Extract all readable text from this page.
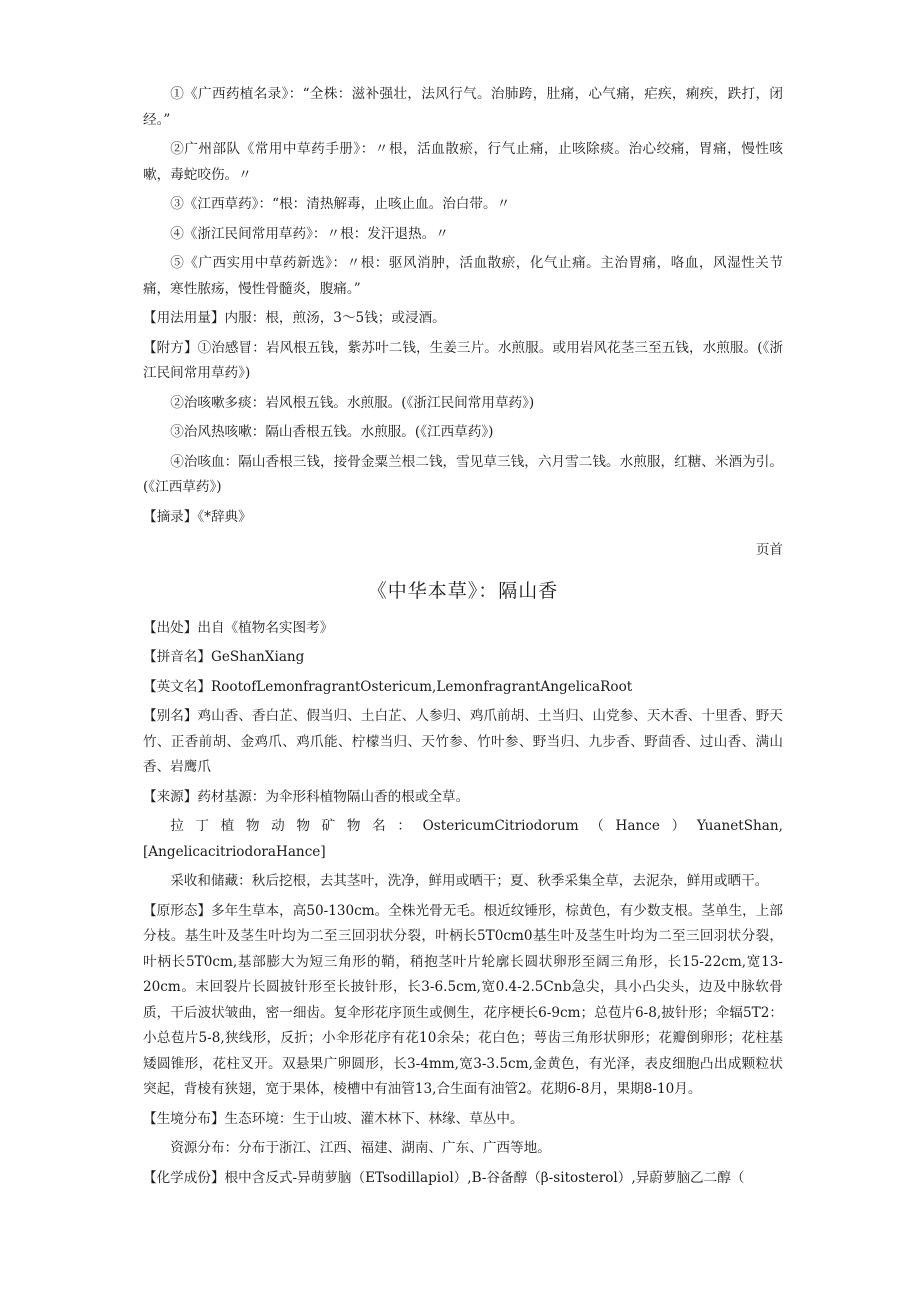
①《广西药植名录》：“全株：滋补强壮，法风行气。治肺跨，肚痛，心气痛，疟疾，痢疾，跌打，闭经。”

②广州部队《常用中草药手册》：〃根，活血散瘀，行气止痛，止咳除痰。治心绞痛，胃痛，慢性咳嗽，毒蛇咬伤。〃

③《江西草药》：“根：清热解毒，止咳止血。治白带。〃

④《浙江民间常用草药》：〃根：发汗退热。〃

⑤《广西实用中草药新选》：〃根：驱风消肿，活血散瘀，化气止痛。主治胃痛，咯血，风湿性关节痛，寒性脓疡，慢性骨髓炎，腹痛。”

【用法用量】内服：根，煎汤，3～5钱；或浸酒。

【附方】①治感冒：岩风根五钱，紫苏叶二钱，生姜三片。水煎服。或用岩风花茎三至五钱，水煎服。(《浙江民间常用草药》)

②治咳嗽多痰：岩风根五钱。水煎服。(《浙江民间常用草药》)

③治风热咳嗽：隔山香根五钱。水煎服。(《江西草药》)

④治咳血：隔山香根三钱，接骨金粟兰根二钱，雪见草三钱，六月雪二钱。水煎服，红糖、米酒为引。(《江西草药》)

【摘录】《*辞典》

页首

《中华本草》：隔山香

【出处】出自《植物名实图考》

【拼音名】GeShanXiang

【英文名】RootofLemonfragrantOstericum,LemonfragrantAngelicaRoot

【别名】鸡山香、香白芷、假当归、土白芷、人参归、鸡爪前胡、土当归、山党参、天木香、十里香、野天竹、正香前胡、金鸡爪、鸡爪能、柠檬当归、天竹参、竹叶参、野当归、九步香、野茴香、过山香、满山香、岩鹰爪

【来源】药材基源：为伞形科植物隔山香的根或全草。

拉丁植物动物矿物名：OstericumCitriodorum（Hance）YuanetShan,[AngelicacitriodoraHance]

采收和储藏：秋后挖根，去其茎叶，洗净，鲜用或晒干；夏、秋季采集全草，去泥杂，鲜用或晒干。

【原形态】多年生草本，高50-130cm。全株光骨无毛。根近纹锤形，棕黄色，有少数支根。茎单生，上部分枝。基生叶及茎生叶均为二至三回羽状分裂，叶柄长5T0cm0基生叶及茎生叶均为二至三回羽状分裂，叶柄长5T0cm,基部膨大为短三角形的鞘，稍抱茎叶片轮廓长圆状卵形至阔三角形，长15-22cm,宽13-20cm。末回裂片长圆披针形至长披针形，长3-6.5cm,宽0.4-2.5Cnb急尖，具小凸尖头，边及中脉软骨质，干后波状皱曲，密一细齿。复伞形花序顶生或侧生，花序梗长6-9cm；总苞片6-8,披针形；伞辐5T2：小总苞片5-8,狭线形，反折；小伞形花序有花10余朵；花白色；萼齿三角形状卵形；花瓣倒卵形；花柱基矮圆锥形，花柱叉开。双悬果广卵圆形，长3-4mm,宽3-3.5cm,金黄色，有光泽，表皮细胞凸出成颗粒状突起，背棱有狭翅，宽于果体，棱槽中有油管13,合生面有油管2。花期6-8月，果期8-10月。

【生境分布】生态环境：生于山坡、灌木林下、林缘、草丛中。

资源分布：分布于浙江、江西、福建、湖南、广东、广西等地。

【化学成份】根中含反式-异萌萝脑（ETsodillapiol）,B-谷备醇（β-sitosterol）,异蔚萝脑乙二醇（
